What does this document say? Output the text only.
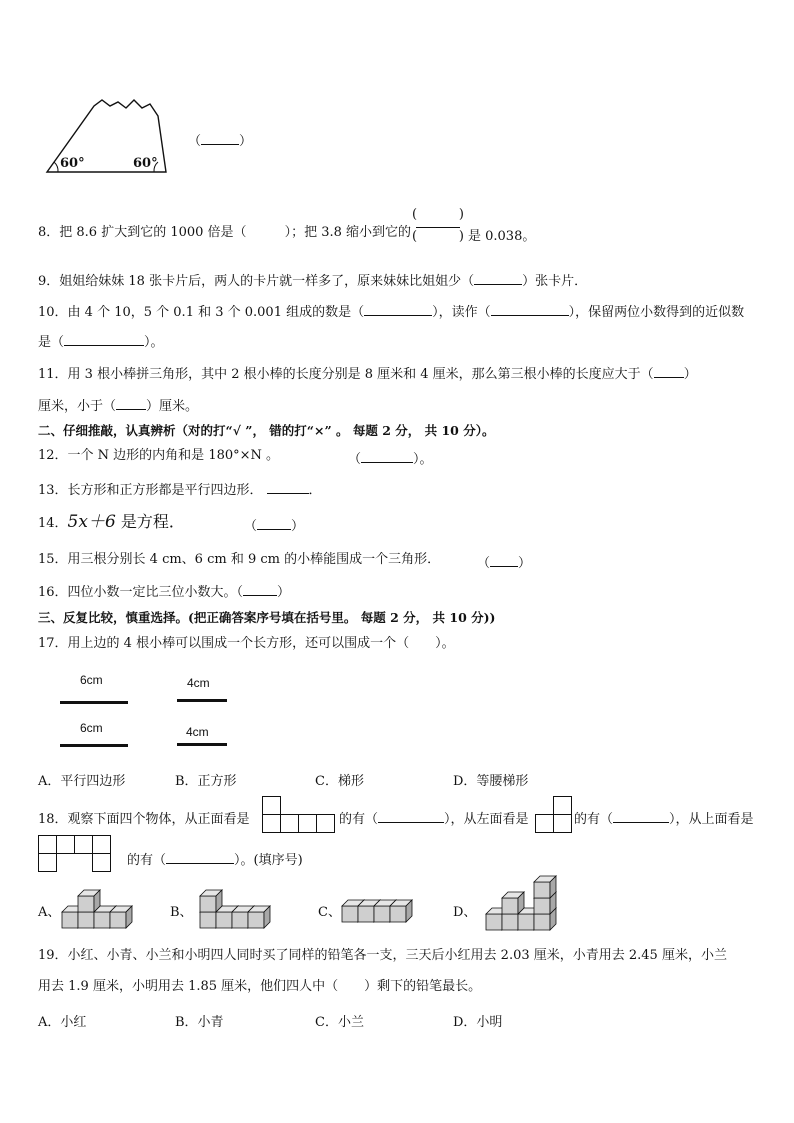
60°	60°
（	）
8．把 8.6 扩大到它的 1000 倍是（	）；把 3.8 缩小到它的
(	)
(	) 是 0.038。
9．姐姐给妹妹 18 张卡片后，两人的卡片就一样多了，原来妹妹比姐姐少（	）张卡片．
10．由 4 个 10，5 个 0.1 和 3 个 0.001 组成的数是（	），读作（	），保留两位小数得到的近似数
是（	）。
11．用 3 根小棒拼三角形，其中 2 根小棒的长度分别是 8 厘米和 4 厘米，那么第三根小棒的长度应大于（ ）
厘米，小于（ ）厘米。
二、仔细推敲，认真辨析（对的打“√ ”， 错的打“×” 。 每题 2 分， 共 10 分）。
12．一个 N 边形的内角和是 180°×N 。	（	）。
13．长方形和正方形都是平行四边形．	．
14．5x＋6 是方程．	（	）
15．用三根分别长 4 cm、6 cm 和 9 cm 的小棒能围成一个三角形．	（ ）
16．四位小数一定比三位小数大。（	）
三、反复比较，慎重选择。(把正确答案序号填在括号里。 每题 2 分， 共 10 分))
17．用上边的 4 根小棒可以围成一个长方形，还可以围成一个（　　）。
6cm	4cm
6cm	4cm
A．平行四边形	B．正方形	C．梯形	D．等腰梯形
18．观察下面四个物体，从正面看是	的有（	），从左面看是	的有（	），从上面看是
的有（	）。(填序号)
A、	B、	C、	D、
19．小红、小青、小兰和小明四人同时买了同样的铅笔各一支，三天后小红用去 2.03 厘米，小青用去 2.45 厘米，小兰
用去 1.9 厘米，小明用去 1.85 厘米，他们四人中（　　）剩下的铅笔最长。
A．小红	B．小青	C．小兰	D．小明
